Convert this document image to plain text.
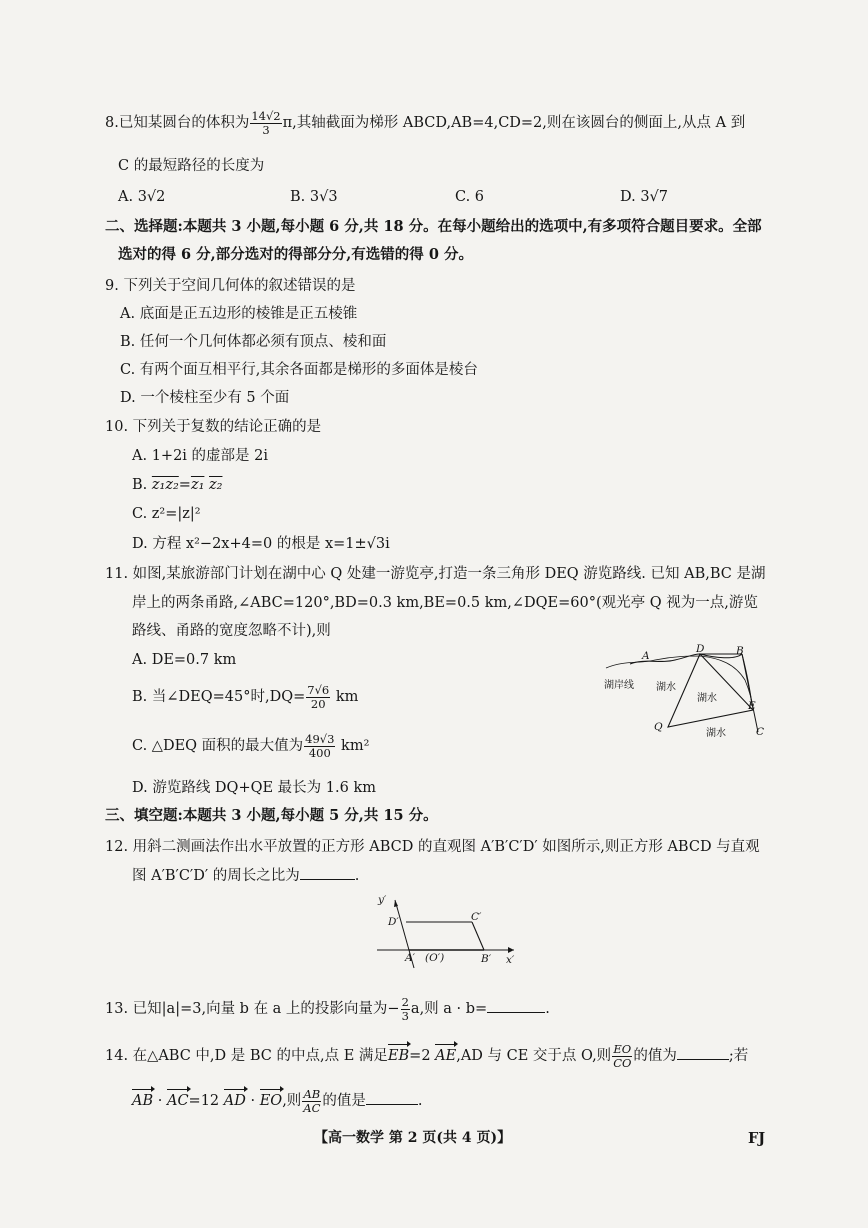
8.已知某圆台的体积为 $\frac{14√2}{3} \pi$,其轴截面为梯形 ABCD,AB=4,CD=2,则在该圆台的侧面上,从点 A 到
C 的最短路径的长度为
A. 3√2	B. 3√3	C. 6	D. 3√7
二、选择题:本题共 3 小题,每小题 6 分,共 18 分。在每小题给出的选项中,有多项符合题目要求。全部
选对的得 6 分,部分选对的得部分分,有选错的得 0 分。
9. 下列关于空间几何体的叙述错误的是
A. 底面是正五边形的棱锥是正五棱锥
B. 任何一个几何体都必须有顶点、棱和面
C. 有两个面互相平行,其余各面都是梯形的多面体是棱台
D. 一个棱柱至少有 5 个面
10. 下列关于复数的结论正确的是
A. 1+2i 的虚部是 2i
B. z₁z₂=z₁ z₂
C. z²=|z|²
D. 方程 x²−2x+4=0 的根是 x=1±√3i
11. 如图,某旅游部门计划在湖中心 Q 处建一游览亭,打造一条三角形 DEQ 游览路线. 已知 AB,BC 是湖
岸上的两条甬路,∠ABC=120°,BD=0.3 km,BE=0.5 km,∠DQE=60°(观光亭 Q 视为一点,游览
路线、甬路的宽度忽略不计),则
A. DE=0.7 km
B. 当∠DEQ=45°时$,DQ= \frac{7√6}{20}$ km
C. △DEQ 面积的最大值为 $\frac{49√3}{400} km^2$
D. 游览路线 DQ+QE 最长为 1.6 km
A
D	B
E
C
Q
湖岸线 湖水
湖水
湖水
三、填空题:本题共 3 小题,每小题 5 分,共 15 分。
12. 用斜二测画法作出水平放置的正方形 ABCD 的直观图 A′B′C′D′ 如图所示,则正方形 ABCD 与直观
图 A′B′C′D′ 的周长之比为	.
y′
x′
D′	C′
A′ (O′)	B′
13. 已知|a|=3,向量 b 在 a 上的投影向量为− $\frac{2}{3} a$,则 a · b=	.
14. 在△ABC 中,D 是 BC 的中点,点 E 满足EB=2 AE,AD 与 CE 交于点 O,则 $\frac{EO}{CO}$ 的值为	;若
AB · AC=12 AD · EO,则 $\frac{AB}{AC}$ 的值是	.
【高一数学 第 2 页(共 4 页)】	FJ
